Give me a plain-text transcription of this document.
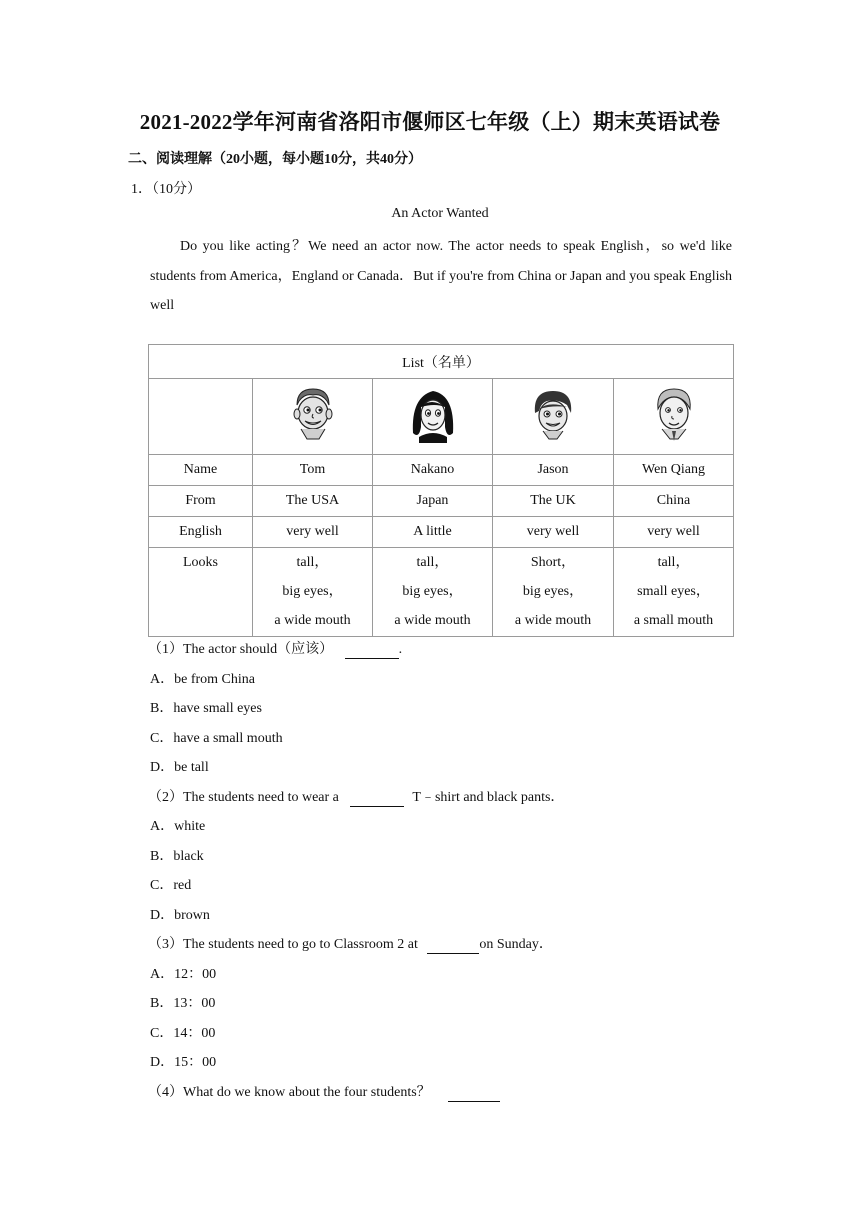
2021-2022学年河南省洛阳市偃师区七年级（上）期末英语试卷
二、阅读理解（20小题，每小题10分，共40分）
1．（10分）
An Actor Wanted
Do you like acting？We need an actor now. The actor needs to speak English，so we'd like students from America，England or Canada．But if you're from China or Japan and you speak English well
List（名单）				

Name	Tom	Nakano	Jason	Wen Qiang
From	The USA	Japan	The UK	China
English	very well	A little	very well	very well
Looks	tall，
big eyes，
a wide mouth	tall，
big eyes，
a wide mouth	Short，
big eyes，
a wide mouth	tall，
small eyes，
a small mouth
（1）The actor should（应该）	.
A．be from China
B．have small eyes
C．have a small mouth
D．be tall
（2）The students need to wear a	T﹣shirt and black pants．
A．white
B．black
C．red
D．brown
（3）The students need to go to Classroom 2 at	on Sunday．
A．12：00
B．13：00
C．14：00
D．15：00
（4）What do we know about the four students？
